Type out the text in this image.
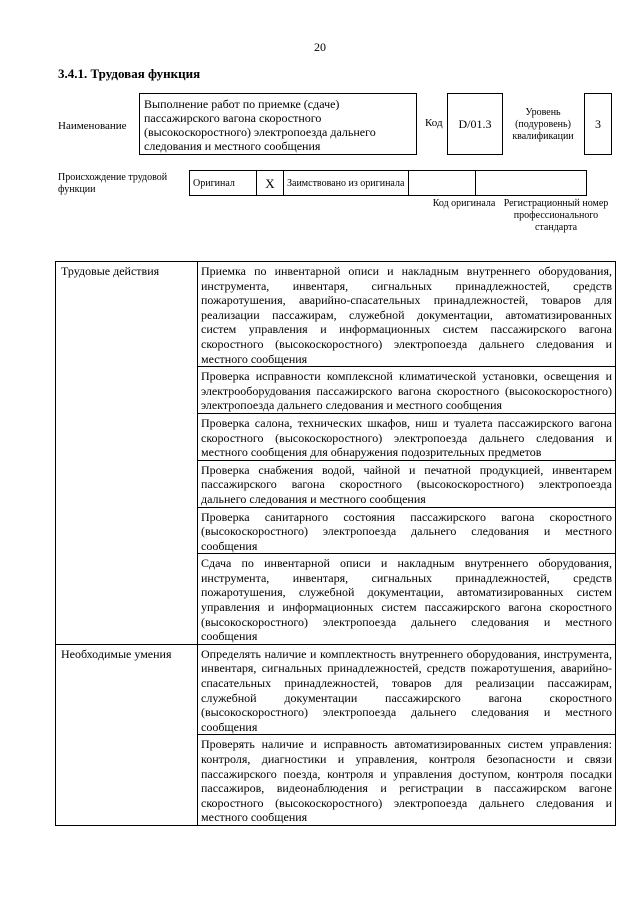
20
3.4.1. Трудовая функция
Наименование
Выполнение работ по приемке (сдаче) пассажирского вагона скоростного (высокоскоростного) электропоезда дальнего следования и местного сообщения
Код	D/01.3
Уровень (подуровень) квалификации
3
Происхождение трудовой функции
Оригинал	X	Заимствовано из оригинала		
Код оригинала Регистрационный номер профессионального стандарта
Трудовые действия	Приемка по инвентарной описи и накладным внутреннего оборудования, инструмента, инвентаря, сигнальных принадлежностей, средств пожаротушения, аварийно-спасательных принадлежностей, товаров для реализации пассажирам, служебной документации, автоматизированных систем управления и информационных систем пассажирского вагона скоростного (высокоскоростного) электропоезда дальнего следования и местного сообщения
	Проверка исправности комплексной климатической установки, освещения и электрооборудования пассажирского вагона скоростного (высокоскоростного) электропоезда дальнего следования и местного сообщения
	Проверка салона, технических шкафов, ниш и туалета пассажирского вагона скоростного (высокоскоростного) электропоезда дальнего следования и местного сообщения для обнаружения подозрительных предметов
	Проверка снабжения водой, чайной и печатной продукцией, инвентарем пассажирского вагона скоростного (высокоскоростного) электропоезда дальнего следования и местного сообщения
	Проверка санитарного состояния пассажирского вагона скоростного (высокоскоростного) электропоезда дальнего следования и местного сообщения
	Сдача по инвентарной описи и накладным внутреннего оборудования, инструмента, инвентаря, сигнальных принадлежностей, средств пожаротушения, служебной документации, автоматизированных систем управления и информационных систем пассажирского вагона скоростного (высокоскоростного) электропоезда дальнего следования и местного сообщения
Необходимые умения	Определять наличие и комплектность внутреннего оборудования, инструмента, инвентаря, сигнальных принадлежностей, средств пожаротушения, аварийно-спасательных принадлежностей, товаров для реализации пассажирам, служебной документации пассажирского вагона скоростного (высокоскоростного) электропоезда дальнего следования и местного сообщения
	Проверять наличие и исправность автоматизированных систем управления: контроля, диагностики и управления, контроля безопасности и связи пассажирского поезда, контроля и управления доступом, контроля посадки пассажиров, видеонаблюдения и регистрации в пассажирском вагоне скоростного (высокоскоростного) электропоезда дальнего следования и местного сообщения
